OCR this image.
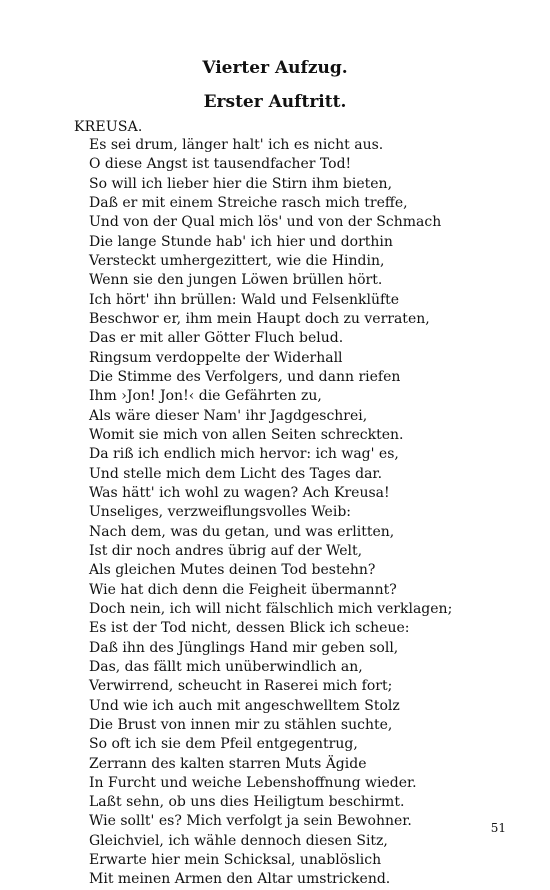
Vierter Aufzug.
Erster Auftritt.
KREUSA.
Es sei drum, länger halt' ich es nicht aus.
O diese Angst ist tausendfacher Tod!
So will ich lieber hier die Stirn ihm bieten,
Daß er mit einem Streiche rasch mich treffe,
Und von der Qual mich lös' und von der Schmach
Die lange Stunde hab' ich hier und dorthin
Versteckt umhergezittert, wie die Hindin,
Wenn sie den jungen Löwen brüllen hört.
Ich hört' ihn brüllen: Wald und Felsenklüfte
Beschwor er, ihm mein Haupt doch zu verraten,
Das er mit aller Götter Fluch belud.
Ringsum verdoppelte der Widerhall
Die Stimme des Verfolgers, und dann riefen
Ihm ›Jon! Jon!‹ die Gefährten zu,
Als wäre dieser Nam' ihr Jagdgeschrei,
Womit sie mich von allen Seiten schreckten.
Da riß ich endlich mich hervor: ich wag' es,
Und stelle mich dem Licht des Tages dar.
Was hätt' ich wohl zu wagen? Ach Kreusa!
Unseliges, verzweiflungsvolles Weib:
Nach dem, was du getan, und was erlitten,
Ist dir noch andres übrig auf der Welt,
Als gleichen Mutes deinen Tod bestehn?
Wie hat dich denn die Feigheit übermannt?
Doch nein, ich will nicht fälschlich mich verklagen;
Es ist der Tod nicht, dessen Blick ich scheue:
Daß ihn des Jünglings Hand mir geben soll,
Das, das fällt mich unüberwindlich an,
Verwirrend, scheucht in Raserei mich fort;
Und wie ich auch mit angeschwelltem Stolz
Die Brust von innen mir zu stählen suchte,
So oft ich sie dem Pfeil entgegentrug,
Zerrann des kalten starren Muts Ägide
In Furcht und weiche Lebenshoffnung wieder.
Laßt sehn, ob uns dies Heiligtum beschirmt.
Wie sollt' es? Mich verfolgt ja sein Bewohner.
Gleichviel, ich wähle dennoch diesen Sitz,
Erwarte hier mein Schicksal, unablöslich
Mit meinen Armen den Altar umstrickend.
51
